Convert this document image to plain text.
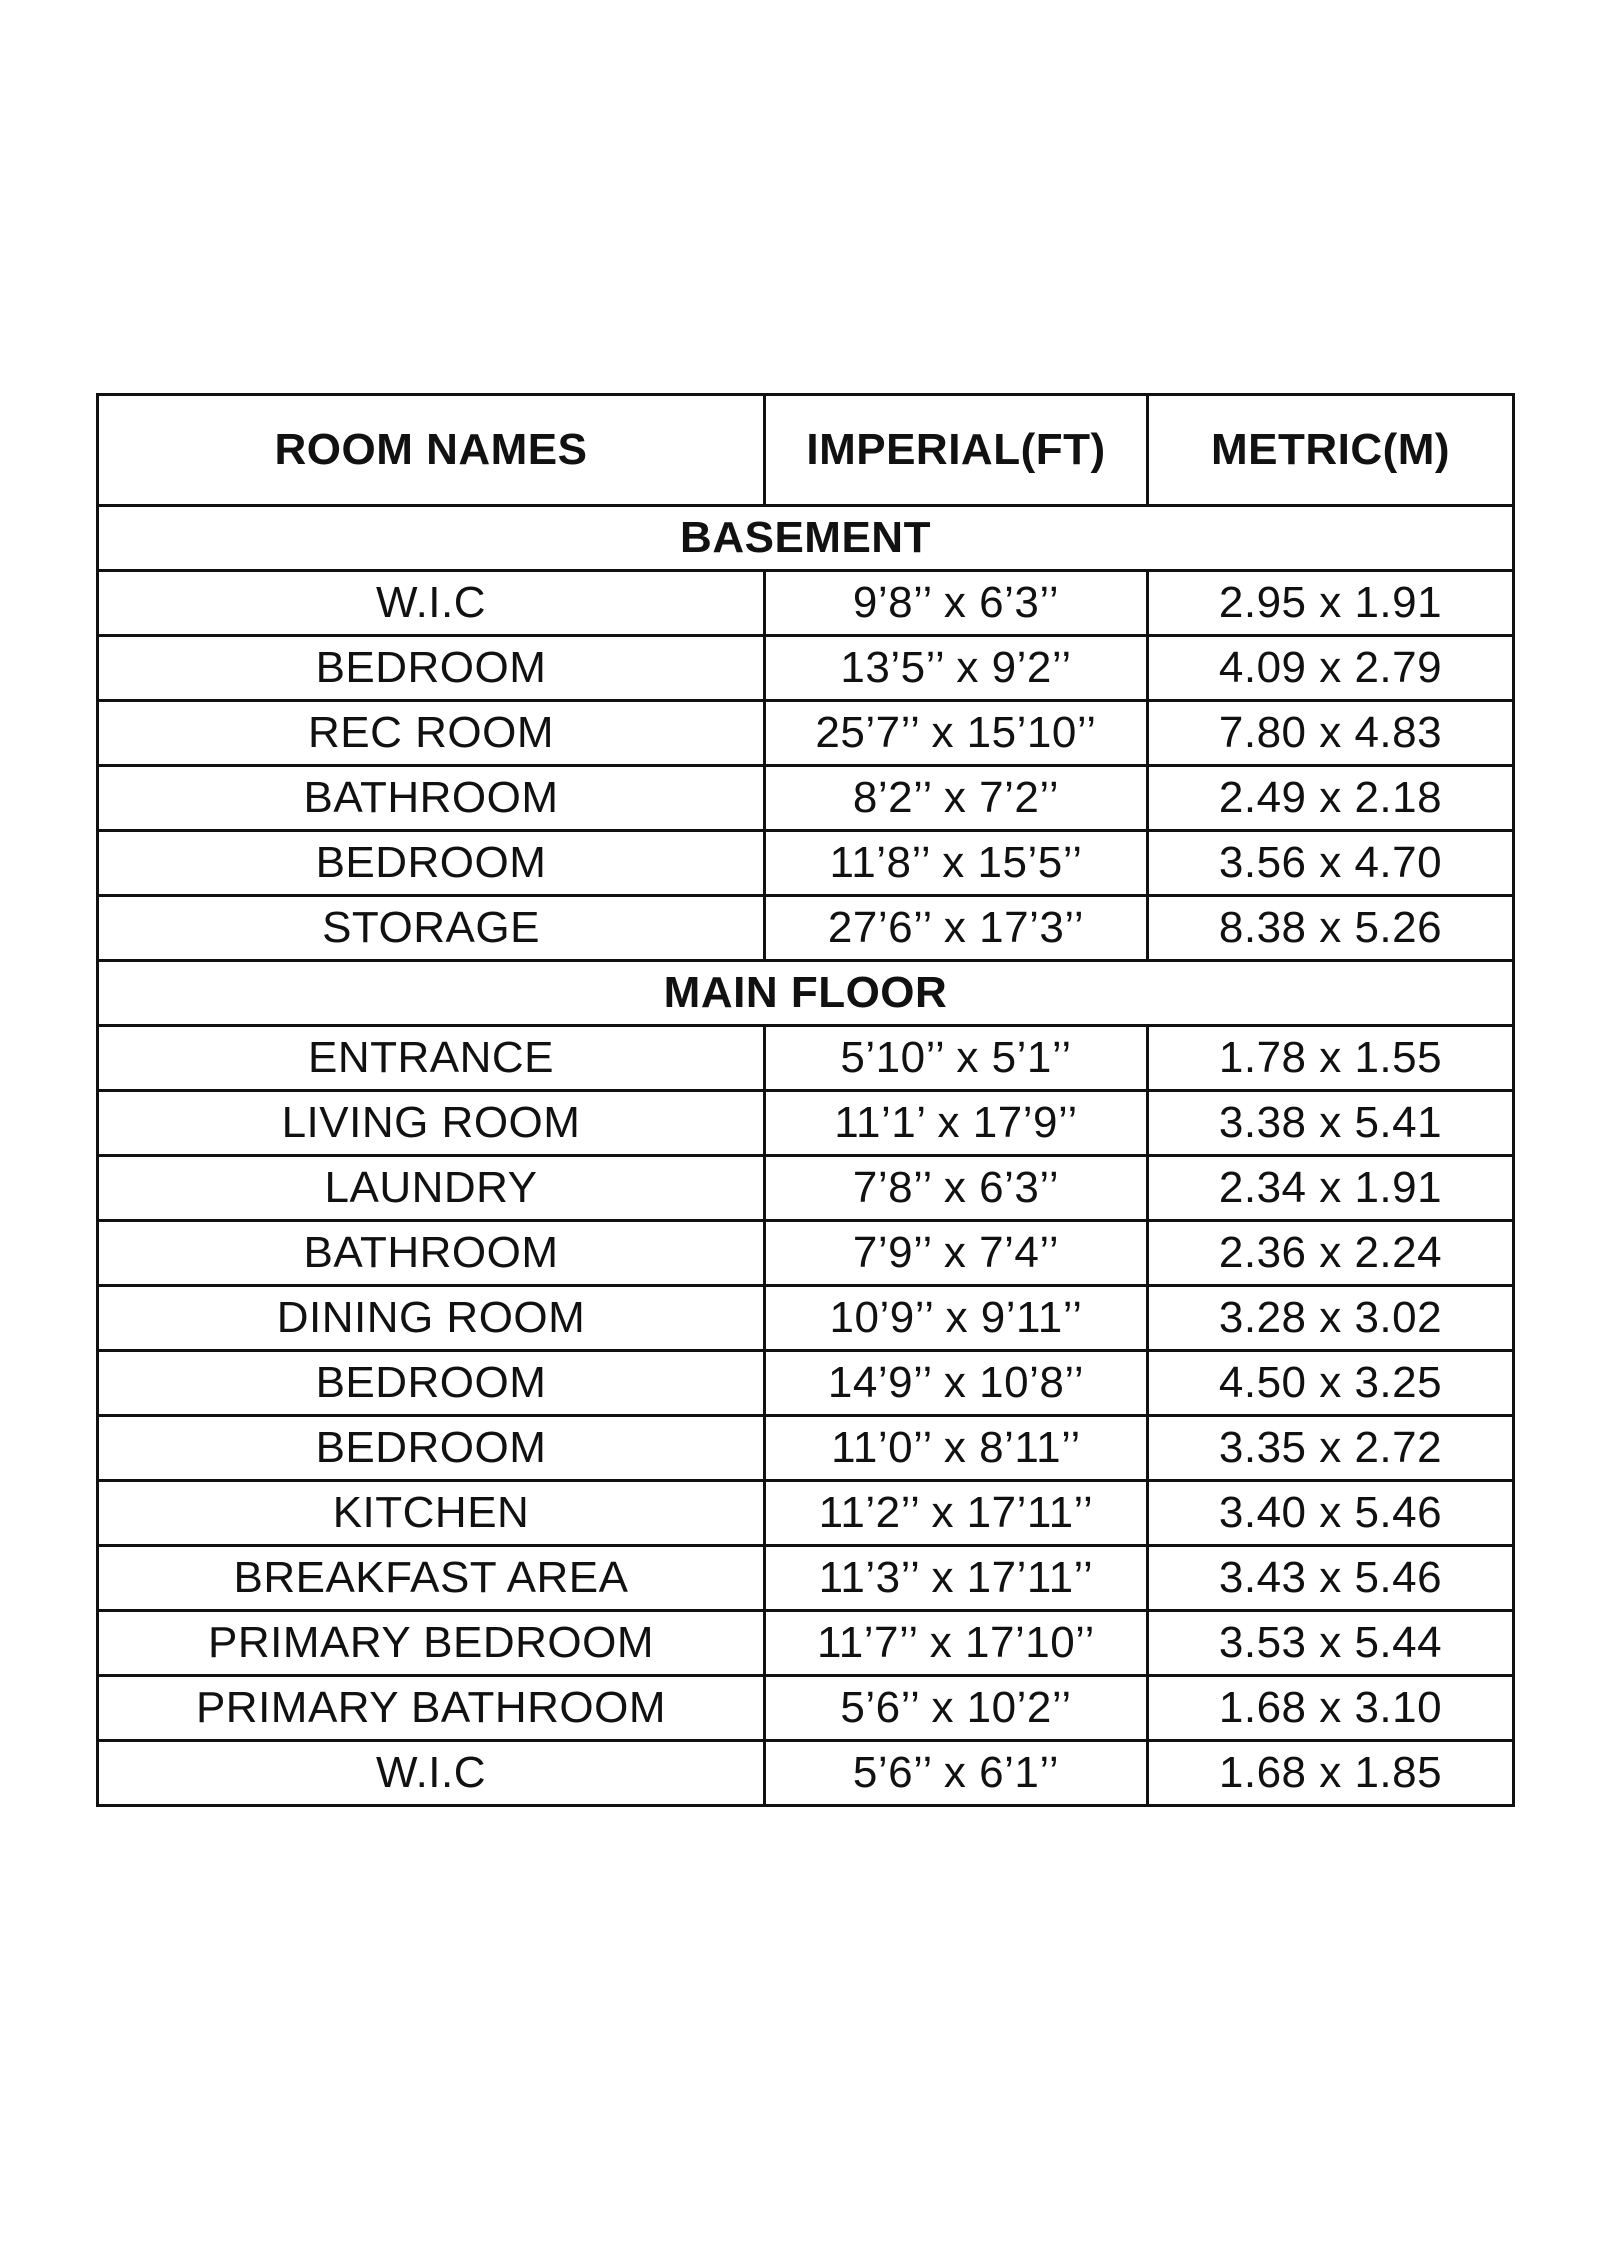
ROOM NAMES	IMPERIAL(FT)	METRIC(M)
BASEMENT		
W.I.C	9’8’’ x 6’3’’	2.95 x 1.91
BEDROOM	13’5’’ x 9’2’’	4.09 x 2.79
REC ROOM	25’7’’ x 15’10’’	7.80 x 4.83
BATHROOM	8’2’’ x 7’2’’	2.49 x 2.18
BEDROOM	11’8’’ x 15’5’’	3.56 x 4.70
STORAGE	27’6’’ x 17’3’’	8.38 x 5.26
MAIN FLOOR		
ENTRANCE	5’10’’ x 5’1’’	1.78 x 1.55
LIVING ROOM	11’1’ x 17’9’’	3.38 x 5.41
LAUNDRY	7’8’’ x 6’3’’	2.34 x 1.91
BATHROOM	7’9’’ x 7’4’’	2.36 x 2.24
DINING ROOM	10’9’’ x 9’11’’	3.28 x 3.02
BEDROOM	14’9’’ x 10’8’’	4.50 x 3.25
BEDROOM	11’0’’ x 8’11’’	3.35 x 2.72
KITCHEN	11’2’’ x 17’11’’	3.40 x 5.46
BREAKFAST AREA	11’3’’ x 17’11’’	3.43 x 5.46
PRIMARY BEDROOM	11’7’’ x 17’10’’	3.53 x 5.44
PRIMARY BATHROOM	5’6’’ x 10’2’’	1.68 x 3.10
W.I.C	5’6’’ x 6’1’’	1.68 x 1.85
